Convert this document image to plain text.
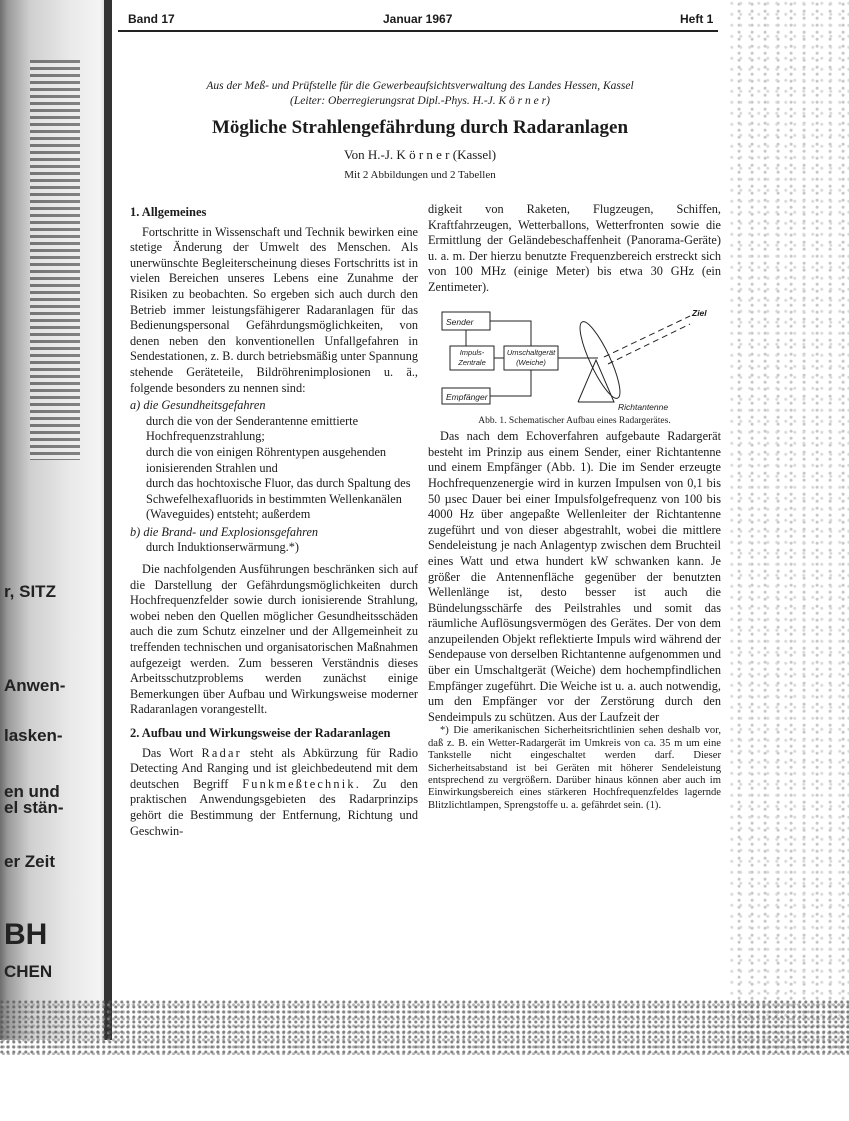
r, SITZ
Anwen-
lasken-
en und
el stän-
er Zeit
BH
CHEN
Band 17	Januar 1967	Heft 1
Aus der Meß- und Prüfstelle für die Gewerbeaufsichtsverwaltung des Landes Hessen, Kassel
(Leiter: Oberregierungsrat Dipl.-Phys. H.-J. K ö r n e r)
Mögliche Strahlengefährdung durch Radaranlagen
Von H.-J. K ö r n e r (Kassel)
Mit 2 Abbildungen und 2 Tabellen
1. Allgemeines

Fortschritte in Wissenschaft und Technik bewirken eine stetige Änderung der Umwelt des Menschen. Als unerwünschte Begleiterscheinung dieses Fortschritts ist in vielen Bereichen unseres Lebens eine Zunahme der Risiken zu beobachten. So ergeben sich auch durch den Betrieb immer leistungsfähigerer Radaranlagen für das Bedienungspersonal Gefährdungsmöglichkeiten, von denen neben den konventionellen Unfallgefahren in Sendestationen, z. B. durch betriebsmäßig unter Spannung stehende Geräteteile, Bildröhrenimplosionen u. ä., folgende besonders zu nennen sind:

a) die Gesundheitsgefahren

durch die von der Senderantenne emittierte Hochfrequenzstrahlung;

durch die von einigen Röhrentypen ausgehenden ionisierenden Strahlen und

durch das hochtoxische Fluor, das durch Spaltung des Schwefelhexafluorids in bestimmten Wellenkanälen (Waveguides) entsteht; außerdem

b) die Brand- und Explosionsgefahren

durch Induktionserwärmung.*)

Die nachfolgenden Ausführungen beschränken sich auf die Darstellung der Gefährdungsmöglichkeiten durch Hochfrequenzfelder sowie durch ionisierende Strahlung, wobei neben den Quellen möglicher Gesundheitsschäden auch die zum Schutz einzelner und der Allgemeinheit zu treffenden technischen und organisatorischen Maßnahmen aufgezeigt werden. Zum besseren Verständnis dieses Arbeitsschutzproblems werden zunächst einige Bemerkungen über Aufbau und Wirkungsweise moderner Radaranlagen vorangestellt.

2. Aufbau und Wirkungsweise der Radaranlagen

Das Wort Radar steht als Abkürzung für Radio Detecting And Ranging und ist gleichbedeutend mit dem deutschen Begriff Funkmeßtechnik. Zu den praktischen Anwendungsgebieten des Radarprinzips gehört die Bestimmung der Entfernung, Richtung und Geschwin-

digkeit von Raketen, Flugzeugen, Schiffen, Kraftfahrzeugen, Wetterballons, Wetterfronten sowie die Ermittlung der Geländebeschaffenheit (Panorama-Geräte) u. a. m. Der hierzu benutzte Frequenzbereich erstreckt sich von 100 MHz (einige Meter) bis etwa 30 GHz (ein Zentimeter).

Sender
Impuls-
Zentrale
Umschaltgerät
(Weiche)
Empfänger
Ziel
Richtantenne

Abb. 1. Schematischer Aufbau eines Radargerätes.

Das nach dem Echoverfahren aufgebaute Radargerät besteht im Prinzip aus einem Sender, einer Richtantenne und einem Empfänger (Abb. 1). Die im Sender erzeugte Hochfrequenzenergie wird in kurzen Impulsen von 0,1 bis 50 µsec Dauer bei einer Impulsfolgefrequenz von 100 bis 4000 Hz über angepaßte Wellenleiter der Richtantenne zugeführt und von dieser abgestrahlt, wobei die mittlere Sendeleistung je nach Anlagentyp zwischen dem Bruchteil eines Watt und etwa hundert kW schwanken kann. Je größer die Antennenfläche gegenüber der benutzten Wellenlänge ist, desto besser ist auch die Bündelungsschärfe des Peilstrahles und somit das räumliche Auflösungsvermögen des Gerätes. Der von dem anzupeilenden Objekt reflektierte Impuls wird während der Sendepause von derselben Richtantenne aufgenommen und über ein Umschaltgerät (Weiche) dem hochempfindlichen Empfänger zugeführt. Die Weiche ist u. a. auch notwendig, um den Empfänger vor der Zerstörung durch den Sendeimpuls zu schützen. Aus der Laufzeit der

*) Die amerikanischen Sicherheitsrichtlinien sehen deshalb vor, daß z. B. ein Wetter-Radargerät im Umkreis von ca. 35 m um eine Tankstelle nicht eingeschaltet werden darf. Dieser Sicherheitsabstand ist bei Geräten mit höherer Sendeleistung entsprechend zu vergrößern. Darüber hinaus können aber auch im Einwirkungsbereich eines stärkeren Hochfrequenzfeldes lagernde Blitzlichtlampen, Sprengstoffe u. a. gefährdet sein. (1).
